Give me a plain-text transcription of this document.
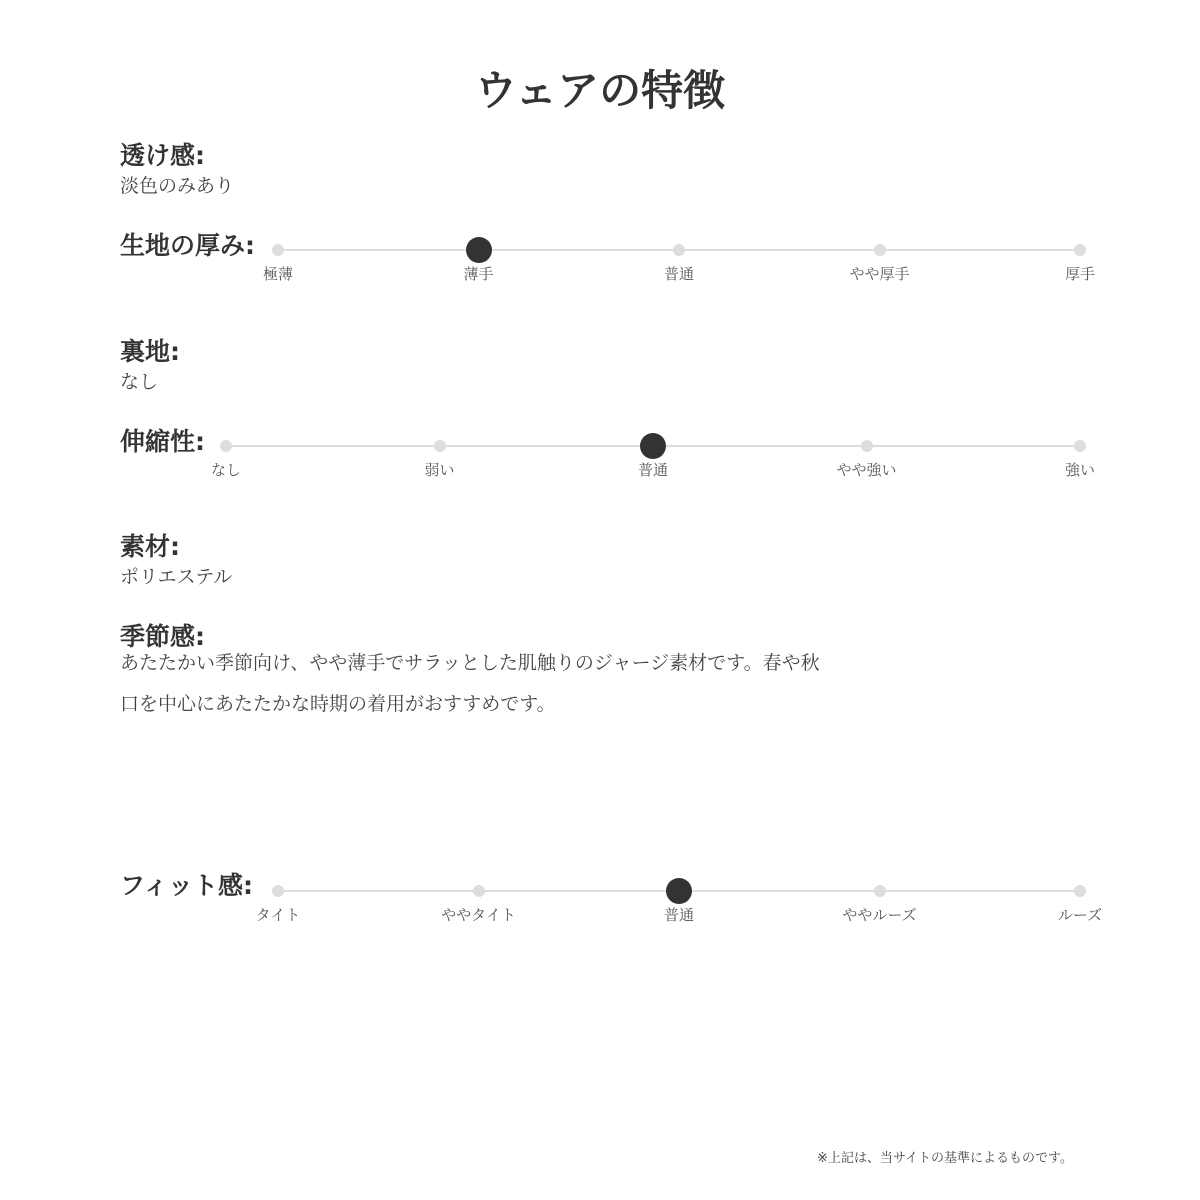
ウェアの特徴
透け感:
淡色のみあり
生地の厚み:
極薄	薄手	普通	やや厚手	厚手
裏地:
なし
伸縮性:
なし	弱い	普通	やや強い	強い
素材:
ポリエステル
季節感:
あたたかい季節向け、やや薄手でサラッとした肌触りのジャージ素材です。春や秋
口を中心にあたたかな時期の着用がおすすめです。
フィット感:
タイト	ややタイト	普通	ややルーズ	ルーズ
※上記は、当サイトの基準によるものです。
